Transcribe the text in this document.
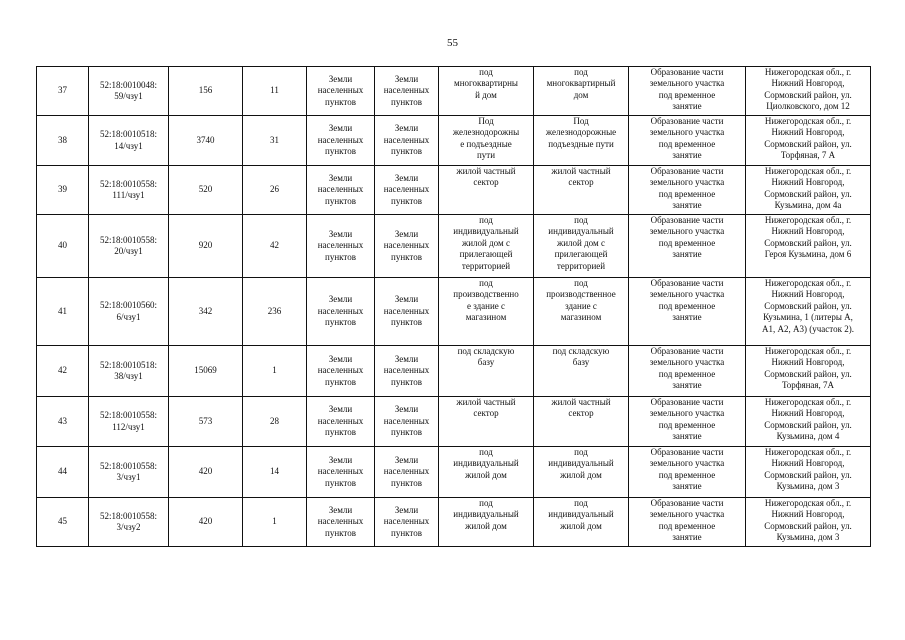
55
37	52:18:0010048:
59/чзу1	156	11	Земли
населенных
пунктов	Земли
населенных
пунктов	под
многоквартирны
й дом	под
многоквартирный
дом	Образование части
земельного участка
под временное
занятие	Нижегородская обл., г.
Нижний Новгород,
Сормовский район, ул.
Циолковского, дом 12
38	52:18:0010518:
14/чзу1	3740	31	Земли
населенных
пунктов	Земли
населенных
пунктов	Под
железнодорожны
е подъездные
пути	Под
железнодорожные
подъездные пути	Образование части
земельного участка
под временное
занятие	Нижегородская обл., г.
Нижний Новгород,
Сормовский район, ул.
Торфяная, 7 А
39	52:18:0010558:
111/чзу1	520	26	Земли
населенных
пунктов	Земли
населенных
пунктов	жилой частный
сектор	жилой частный
сектор	Образование части
земельного участка
под временное
занятие	Нижегородская обл., г.
Нижний Новгород,
Сормовский район, ул.
Кузьмина, дом 4а
40	52:18:0010558:
20/чзу1	920	42	Земли
населенных
пунктов	Земли
населенных
пунктов	под
индивидуальный
жилой дом с
прилегающей
территорией	под
индивидуальный
жилой дом с
прилегающей
территорией	Образование части
земельного участка
под временное
занятие	Нижегородская обл., г.
Нижний Новгород,
Сормовский район, ул.
Героя Кузьмина, дом 6
41	52:18:0010560:
6/чзу1	342	236	Земли
населенных
пунктов	Земли
населенных
пунктов	под
производственно
е здание с
магазином	под
производственное
здание с
магазином	Образование части
земельного участка
под временное
занятие	Нижегородская обл., г.
Нижний Новгород,
Сормовский район, ул.
Кузьмина, 1 (литеры А,
А1, А2, А3) (участок 2).
42	52:18:0010518:
38/чзу1	15069	1	Земли
населенных
пунктов	Земли
населенных
пунктов	под складскую
базу	под складскую
базу	Образование части
земельного участка
под временное
занятие	Нижегородская обл., г.
Нижний Новгород,
Сормовский район, ул.
Торфяная, 7А
43	52:18:0010558:
112/чзу1	573	28	Земли
населенных
пунктов	Земли
населенных
пунктов	жилой частный
сектор	жилой частный
сектор	Образование части
земельного участка
под временное
занятие	Нижегородская обл., г.
Нижний Новгород,
Сормовский район, ул.
Кузьмина, дом 4
44	52:18:0010558:
3/чзу1	420	14	Земли
населенных
пунктов	Земли
населенных
пунктов	под
индивидуальный
жилой дом	под
индивидуальный
жилой дом	Образование части
земельного участка
под временное
занятие	Нижегородская обл., г.
Нижний Новгород,
Сормовский район, ул.
Кузьмина, дом 3
45	52:18:0010558:
3/чзу2	420	1	Земли
населенных
пунктов	Земли
населенных
пунктов	под
индивидуальный
жилой дом	под
индивидуальный
жилой дом	Образование части
земельного участка
под временное
занятие	Нижегородская обл., г.
Нижний Новгород,
Сормовский район, ул.
Кузьмина, дом 3
